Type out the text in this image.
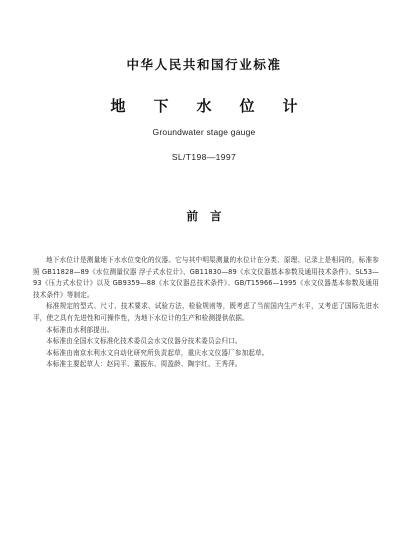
中华人民共和国行业标准
地下水位计
Groundwater stage gauge
SL/T198—1997
前言

地下水位计是测量地下水水位变化的仪器。它与其中明渠测量的水位计在分类、原理、记录上是相同的，标准参照 GB11828—89《水位测量仪器 浮子式水位计》、GB11830—89《水文仪器基本参数及通用技术条件》、SL53—93《压力式水位计》以及 GB9359—88《水文仪器总技术条件》、GB/T15966—1995《水文仪器基本参数及通用技术条件》等制定。

标准规定的型式、尺寸、技术要求、试验方法、检验规则等，既考虑了当前国内生产水平，又考虑了国际先进水平，使之具有先进性和可操作性，为地下水位计的生产和检测提供依据。

本标准由水利部提出。

本标准由全国水文标准化技术委员会水文仪器分技术委员会归口。

本标准由南京水利水文自动化研究所负责起草，重庆水文仪器厂参加起草。

本标准主要起草人：赵同平、董振东、周盈龄、陶宇红、王秀萍。
